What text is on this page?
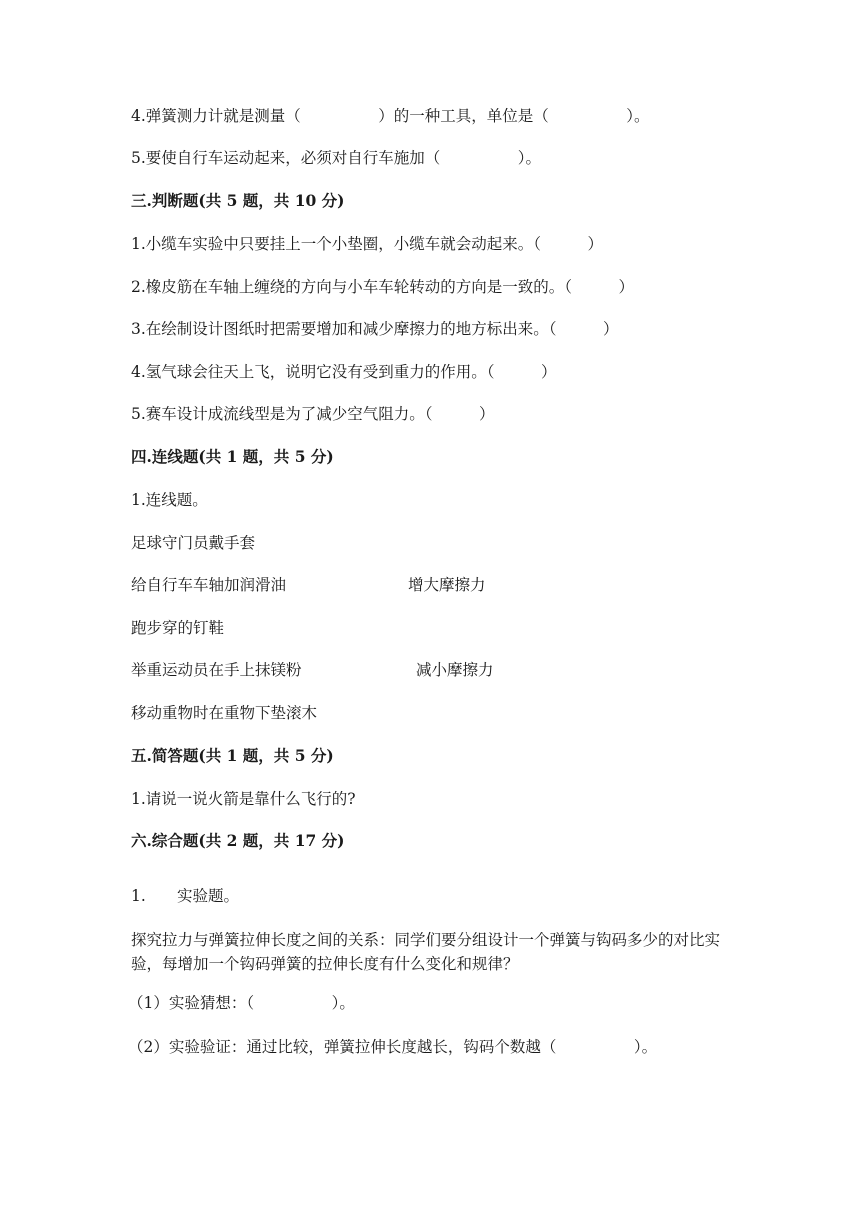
4.弹簧测力计就是测量（　　　　　）的一种工具，单位是（　　　　　）。
5.要使自行车运动起来，必须对自行车施加（　　　　　）。
三.判断题(共 5 题，共 10 分)
1.小缆车实验中只要挂上一个小垫圈，小缆车就会动起来。（　　　）
2.橡皮筋在车轴上缠绕的方向与小车车轮转动的方向是一致的。（　　　）
3.在绘制设计图纸时把需要增加和减少摩擦力的地方标出来。（　　　）
4.氢气球会往天上飞，说明它没有受到重力的作用。（　　　）
5.赛车设计成流线型是为了减少空气阻力。（　　　）
四.连线题(共 1 题，共 5 分)
1.连线题。
足球守门员戴手套
给自行车车轴加润滑油	增大摩擦力
跑步穿的钉鞋
举重运动员在手上抹镁粉	减小摩擦力
移动重物时在重物下垫滚木
五.简答题(共 1 题，共 5 分)
1.请说一说火箭是靠什么飞行的?
六.综合题(共 2 题，共 17 分)
1. 实验题。
探究拉力与弹簧拉伸长度之间的关系：同学们要分组设计一个弹簧与钩码多少的对比实验，每增加一个钩码弹簧的拉伸长度有什么变化和规律？
（1）实验猜想：（　　　　　）。
（2）实验验证：通过比较，弹簧拉伸长度越长，钩码个数越（　　　　　）。
